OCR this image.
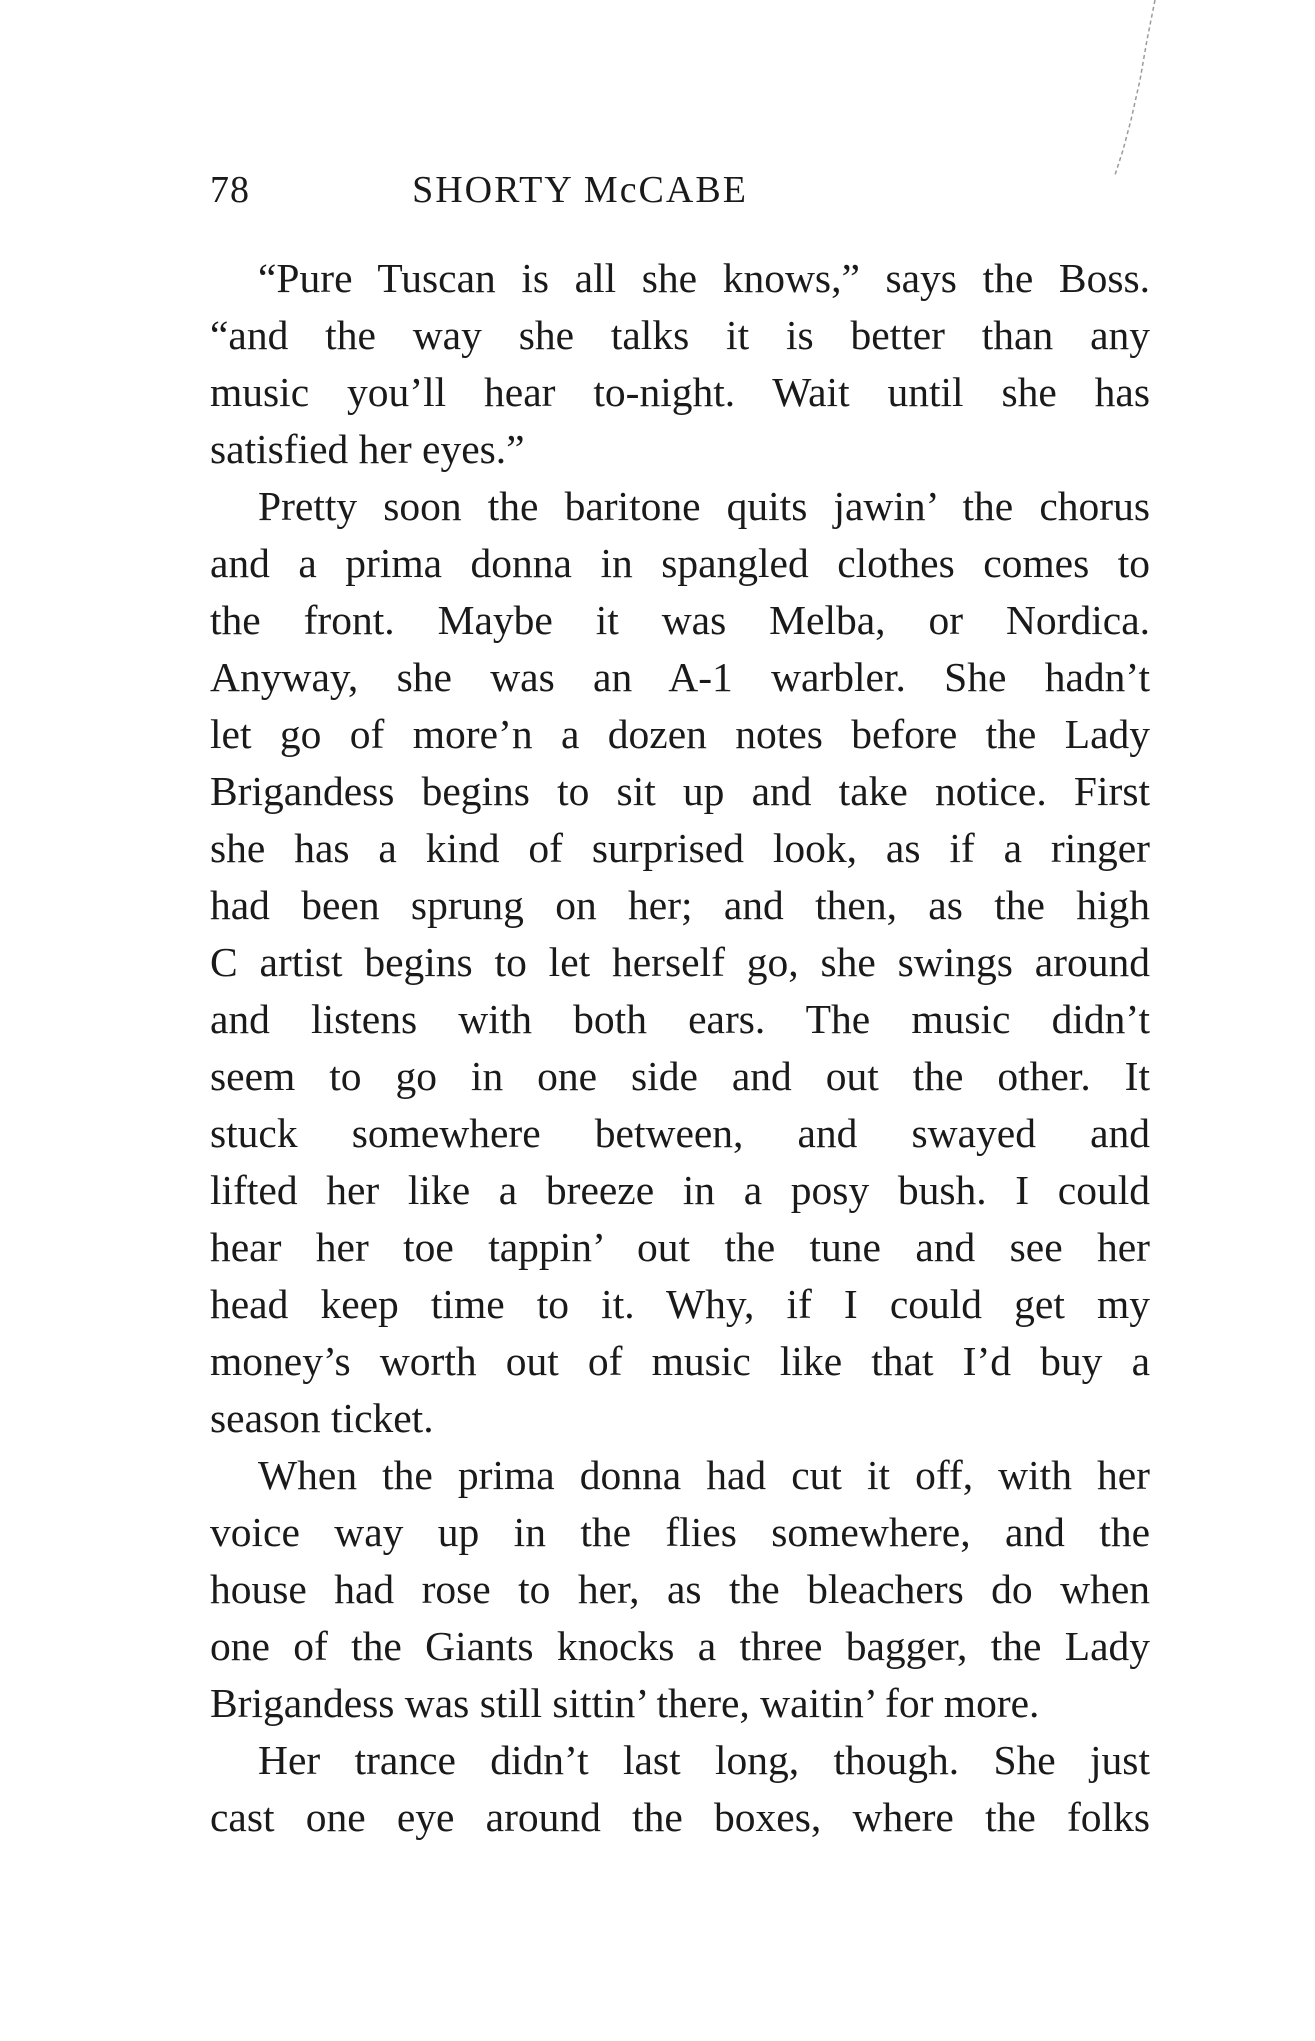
78	SHORTY McCABE
“Pure Tuscan is all she knows,” says the Boss.
“and the way she talks it is better than any
music you’ll hear to-night. Wait until she has
satisfied her eyes.”
Pretty soon the baritone quits jawin’ the chorus
and a prima donna in spangled clothes comes to
the front. Maybe it was Melba, or Nordica.
Anyway, she was an A-1 warbler. She hadn’t
let go of more’n a dozen notes before the Lady
Brigandess begins to sit up and take notice. First
she has a kind of surprised look, as if a ringer
had been sprung on her; and then, as the high
C artist begins to let herself go, she swings around
and listens with both ears. The music didn’t
seem to go in one side and out the other. It
stuck somewhere between, and swayed and
lifted her like a breeze in a posy bush. I could
hear her toe tappin’ out the tune and see her
head keep time to it. Why, if I could get my
money’s worth out of music like that I’d buy a
season ticket.
When the prima donna had cut it off, with her
voice way up in the flies somewhere, and the
house had rose to her, as the bleachers do when
one of the Giants knocks a three bagger, the Lady
Brigandess was still sittin’ there, waitin’ for more.
Her trance didn’t last long, though. She just
cast one eye around the boxes, where the folks
